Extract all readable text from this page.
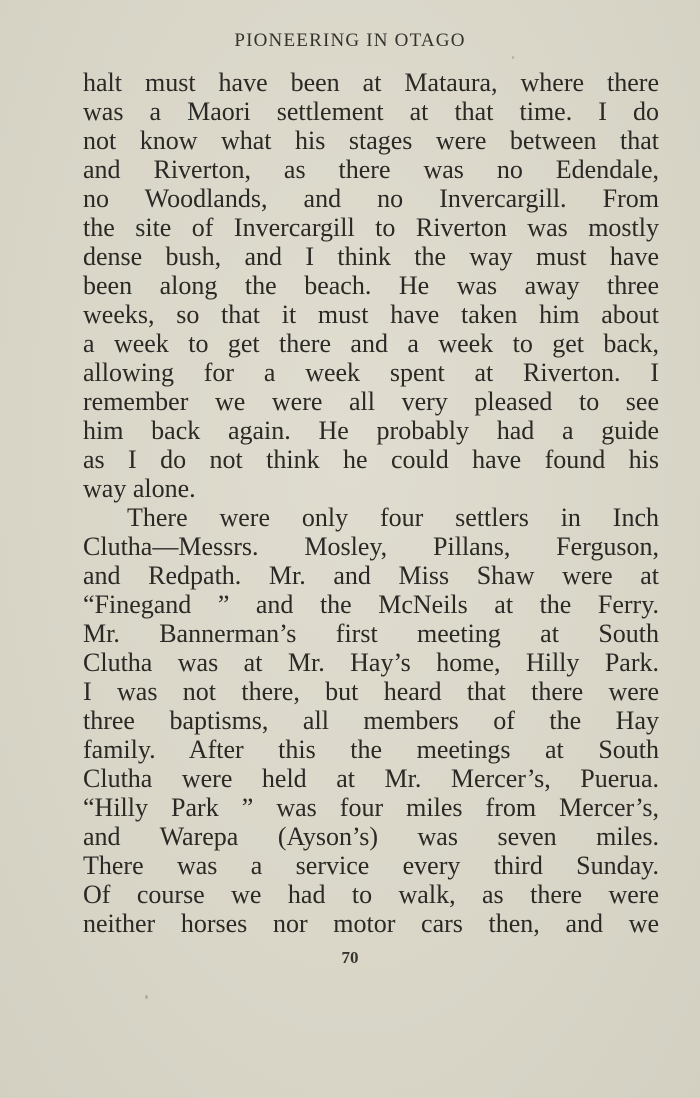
PIONEERING IN OTAGO
halt must have been at Mataura, where there
was a Maori settlement at that time. I do
not know what his stages were between that
and Riverton, as there was no Edendale,
no Woodlands, and no Invercargill. From
the site of Invercargill to Riverton was mostly
dense bush, and I think the way must have
been along the beach. He was away three
weeks, so that it must have taken him about
a week to get there and a week to get back,
allowing for a week spent at Riverton. I
remember we were all very pleased to see
him back again. He probably had a guide
as I do not think he could have found his
way alone.
There were only four settlers in Inch
Clutha—Messrs. Mosley, Pillans, Ferguson,
and Redpath. Mr. and Miss Shaw were at
“Finegand ” and the McNeils at the Ferry.
Mr. Bannerman’s first meeting at South
Clutha was at Mr. Hay’s home, Hilly Park.
I was not there, but heard that there were
three baptisms, all members of the Hay
family. After this the meetings at South
Clutha were held at Mr. Mercer’s, Puerua.
“Hilly Park ” was four miles from Mercer’s,
and Warepa (Ayson’s) was seven miles.
There was a service every third Sunday.
Of course we had to walk, as there were
neither horses nor motor cars then, and we
70
